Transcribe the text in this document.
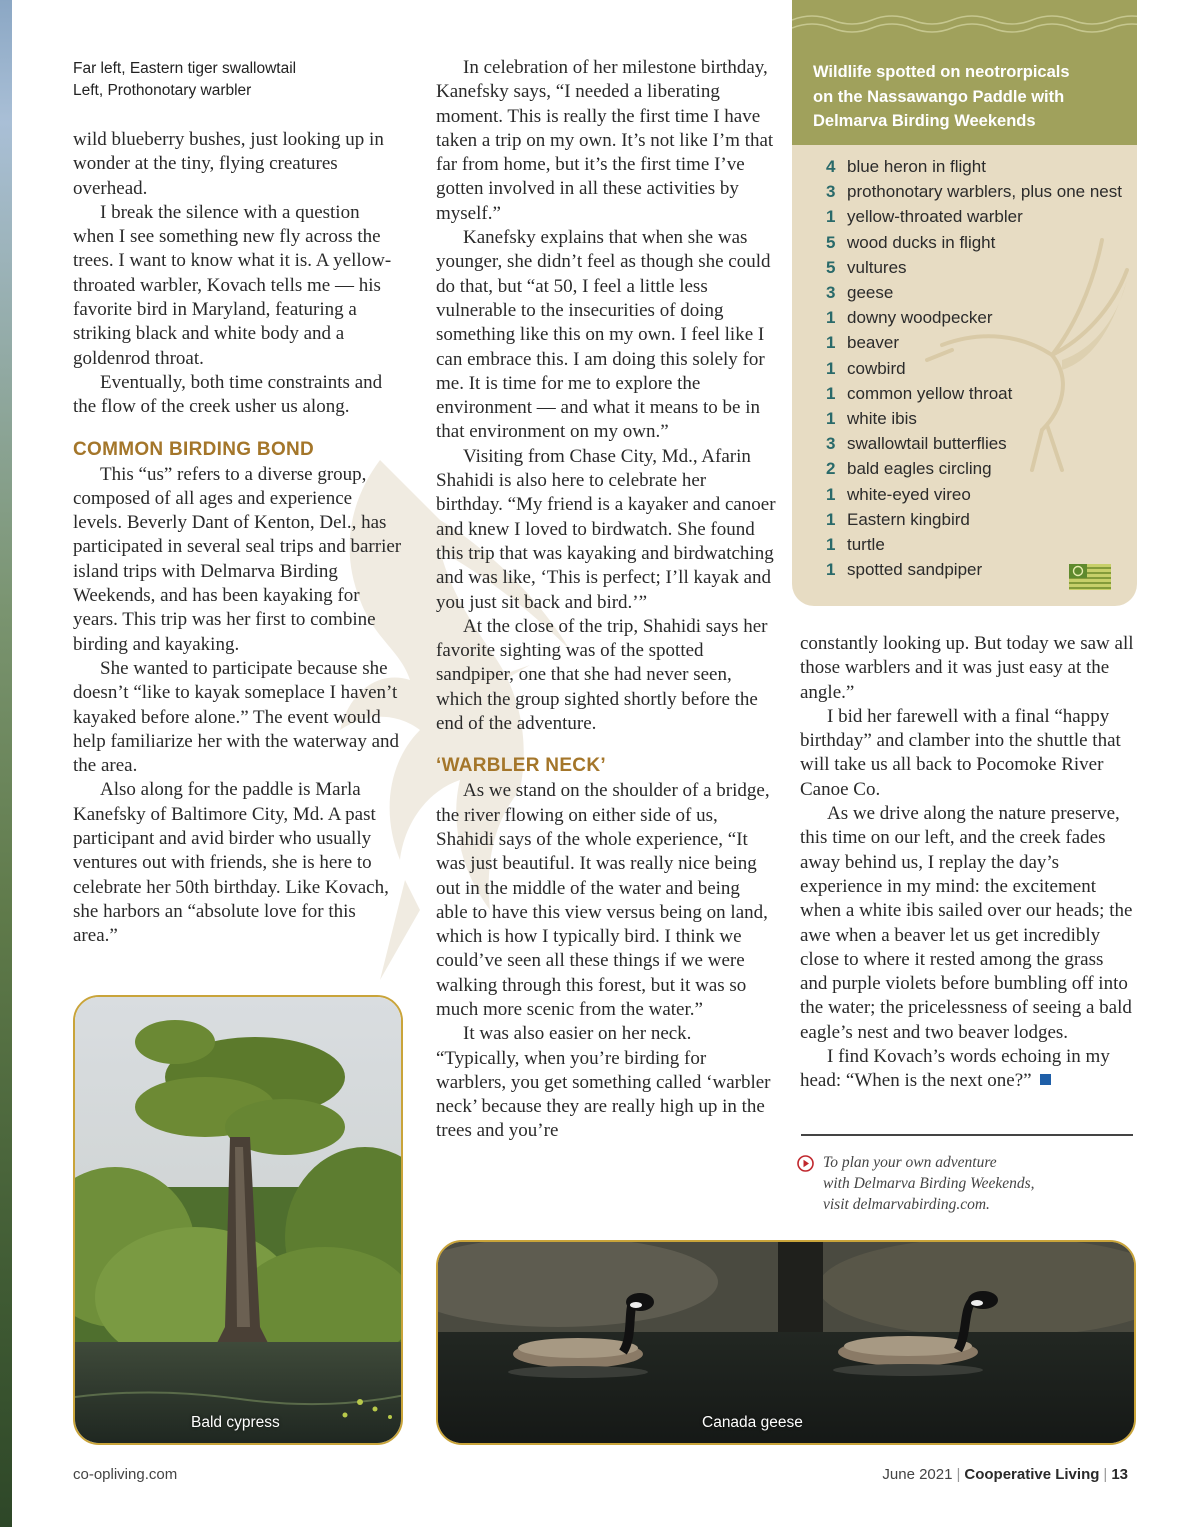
Far left, Eastern tiger swallowtail
Left, Prothonotary warbler

wild blueberry bushes, just looking up in wonder at the tiny, flying creatures overhead.

I break the silence with a question when I see something new fly across the trees. I want to know what it is. A yellow-throated warbler, Kovach tells me — his favorite bird in Maryland, featuring a striking black and white body and a goldenrod throat.

Eventually, both time constraints and the flow of the creek usher us along.

COMMON BIRDING BOND

This “us” refers to a diverse group, composed of all ages and experience levels. Beverly Dant of Kenton, Del., has participated in several seal trips and barrier island trips with Delmarva Birding Weekends, and has been kayaking for years. This trip was her first to combine birding and kayaking.

She wanted to participate because she doesn’t “like to kayak someplace I haven’t kayaked before alone.” The event would help familiarize her with the waterway and the area.

Also along for the paddle is Marla Kanefsky of Baltimore City, Md. A past participant and avid birder who usually ventures out with friends, she is here to celebrate her 50th birthday. Like Kovach, she harbors an “absolute love for this area.”

In celebration of her milestone birthday, Kanefsky says, “I needed a liberating moment. This is really the first time I have taken a trip on my own. It’s not like I’m that far from home, but it’s the first time I’ve gotten involved in all these activities by myself.”

Kanefsky explains that when she was younger, she didn’t feel as though she could do that, but “at 50, I feel a little less vulnerable to the insecurities of doing something like this on my own. I feel like I can embrace this. I am doing this solely for me. It is time for me to explore the environment — and what it means to be in that environment on my own.”

Visiting from Chase City, Md., Afarin Shahidi is also here to celebrate her birthday. “My friend is a kayaker and canoer and knew I loved to birdwatch. She found this trip that was kayaking and birdwatching and was like, ‘This is perfect; I’ll kayak and you just sit back and bird.’”

At the close of the trip, Shahidi says her favorite sighting was of the spotted sandpiper, one that she had never seen, which the group sighted shortly before the end of the adventure.

‘WARBLER NECK’

As we stand on the shoulder of a bridge, the river flowing on either side of us, Shahidi says of the whole experience, “It was just beautiful. It was really nice being out in the middle of the water and being able to have this view versus being on land, which is how I typically bird. I think we could’ve seen all these things if we were walking through this forest, but it was so much more scenic from the water.”

It was also easier on her neck. “Typically, when you’re birding for warblers, you get something called ‘warbler neck’ because they are really high up in the trees and you’re

Wildlife spotted on neotrorpicals
on the Nassawango Paddle with
Delmarva Birding Weekends
4 blue heron in flight
3 prothonotary warblers, plus one nest
1 yellow-throated warbler
5 wood ducks in flight
5 vultures
3 geese
1 downy woodpecker
1 beaver
1 cowbird
1 common yellow throat
1 white ibis
3 swallowtail butterflies
2 bald eagles circling
1 white-eyed vireo
1 Eastern kingbird
1 turtle
1 spotted sandpiper

constantly looking up. But today we saw all those warblers and it was just easy at the angle.”

I bid her farewell with a final “happy birthday” and clamber into the shuttle that will take us all back to Pocomoke River Canoe Co.

As we drive along the nature preserve, this time on our left, and the creek fades away behind us, I replay the day’s experience in my mind: the excitement when a white ibis sailed over our heads; the awe when a beaver let us get incredibly close to where it rested among the grass and purple violets before bumbling off into the water; the pricelessness of seeing a bald eagle’s nest and two beaver lodges.

I find Kovach’s words echoing in my head: “When is the next one?”

To plan your own adventure
with Delmarva Birding Weekends,
visit delmarvabirding.com.
Bald cypress	Canada geese
co-opliving.com	June 2021 | Cooperative Living | 13
